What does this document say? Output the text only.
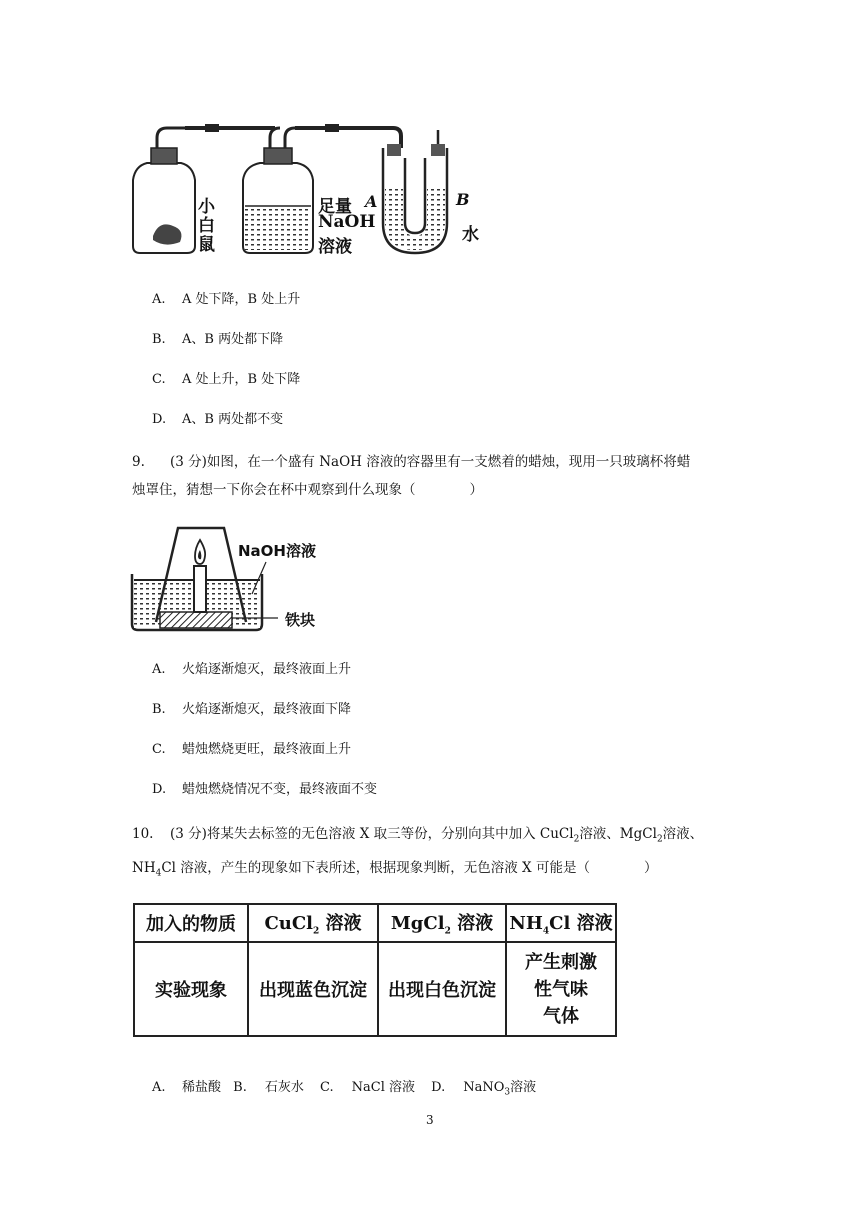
小白鼠
足量
NaOH
溶液
A	B
水
A. A 处下降，B 处上升
B. A、B 两处都下降
C. A 处上升，B 处下降
D. A、B 两处都不变
9. (3 分)如图，在一个盛有 NaOH 溶液的容器里有一支燃着的蜡烛，现用一只玻璃杯将蜡
烛罩住，猜想一下你会在杯中观察到什么现象（　　　　）
NaOH溶液
铁块
A. 火焰逐渐熄灭，最终液面上升
B. 火焰逐渐熄灭，最终液面下降
C. 蜡烛燃烧更旺，最终液面上升
D. 蜡烛燃烧情况不变，最终液面不变
10. (3 分)将某失去标签的无色溶液 X 取三等份，分别向其中加入 CuCl$_2$溶液、MgCl$_2$溶液、
$NH_4Cl$ 溶液，产生的现象如下表所述，根据现象判断，无色溶液 X 可能是（　　　　）
加入的物质	CuCl$_2$ 溶液	MgCl$_2$ 溶液	$NH_4Cl$ 溶液
实验现象	出现蓝色沉淀	出现白色沉淀	产生刺激
性气味
气体
A. 稀盐酸 B. 石灰水 C. NaCl 溶液 D. NaNO$_3$溶液
3
